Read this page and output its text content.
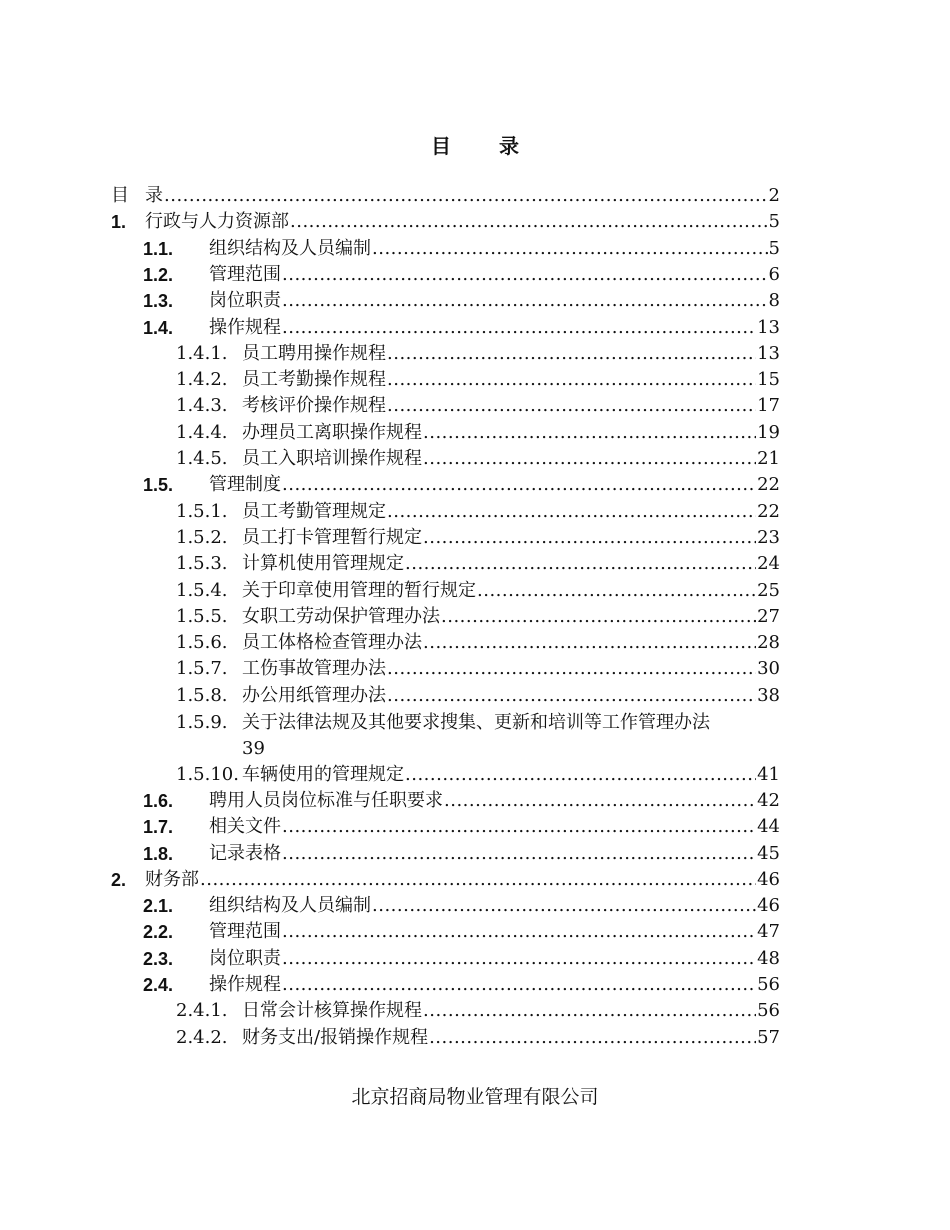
目　录
目 录 .....	2
1.	行政与人力资源部 .....	5
1.1.	组织结构及人员编制 .....	5
1.2.	管理范围 .....	6
1.3.	岗位职责 .....	8
1.4.	操作规程 .....	13
1.4.1. 员工聘用操作规程 .....	13
1.4.2. 员工考勤操作规程 .....	15
1.4.3. 考核评价操作规程 .....	17
1.4.4. 办理员工离职操作规程 .....	19
1.4.5. 员工入职培训操作规程 .....	21
1.5.	管理制度 .....	22
1.5.1. 员工考勤管理规定 .....	22
1.5.2. 员工打卡管理暂行规定 .....	23
1.5.3. 计算机使用管理规定 .....	24
1.5.4. 关于印章使用管理的暂行规定 .....	25
1.5.5. 女职工劳动保护管理办法 .....	27
1.5.6. 员工体格检查管理办法 .....	28
1.5.7. 工伤事故管理办法 .....	30
1.5.8. 办公用纸管理办法 .....	38
1.5.9. 关于法律法规及其他要求搜集、更新和培训等工作管理办法
39
1.5.10. 车辆使用的管理规定 .....	41
1.6.	聘用人员岗位标准与任职要求 .....	42
1.7.	相关文件 .....	44
1.8.	记录表格 .....	45
2.	财务部 .....	46
2.1.	组织结构及人员编制 .....	46
2.2.	管理范围 .....	47
2.3.	岗位职责 .....	48
2.4.	操作规程 .....	56
2.4.1. 日常会计核算操作规程 .....	56
2.4.2. 财务支出/报销操作规程 .....	57
北京招商局物业管理有限公司
